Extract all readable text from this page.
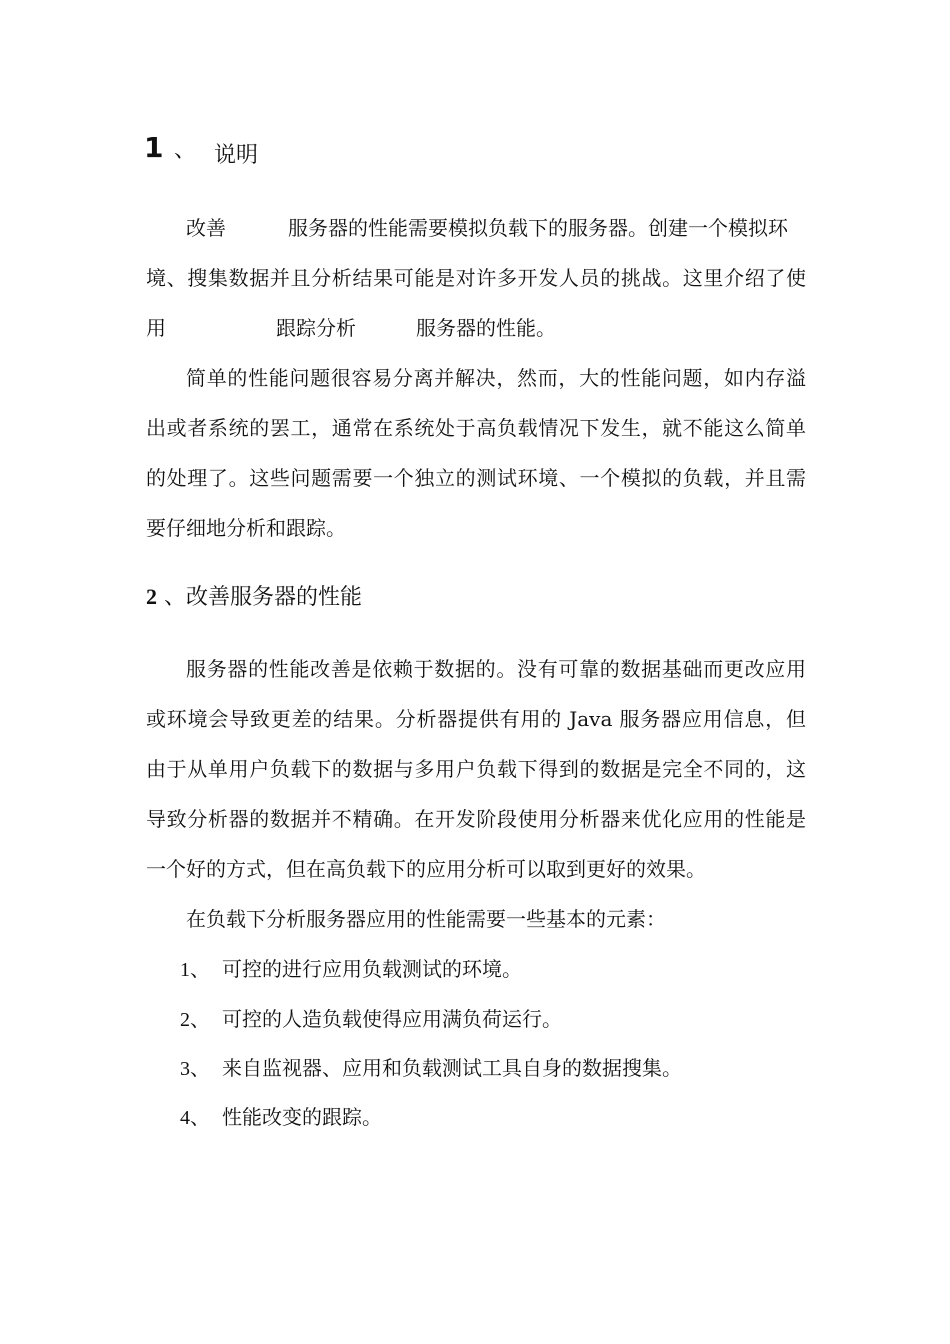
1 、 说明
改善	服务器的性能需要模拟负载下的服务器。创建一个模拟环
境、搜集数据并且分析结果可能是对许多开发人员的挑战。这里介绍了使
用	跟踪分析	服务器的性能。
简单的性能问题很容易分离并解决，然而，大的性能问题，如内存溢
出或者系统的罢工，通常在系统处于高负载情况下发生，就不能这么简单
的处理了。这些问题需要一个独立的测试环境、一个模拟的负载，并且需
要仔细地分析和跟踪。
2 、改善服务器的性能
服务器的性能改善是依赖于数据的。没有可靠的数据基础而更改应用
或环境会导致更差的结果。分析器提供有用的 Java 服务器应用信息，但
由于从单用户负载下的数据与多用户负载下得到的数据是完全不同的，这
导致分析器的数据并不精确。在开发阶段使用分析器来优化应用的性能是
一个好的方式，但在高负载下的应用分析可以取到更好的效果。
在负载下分析服务器应用的性能需要一些基本的元素：
1、 可控的进行应用负载测试的环境。
2、 可控的人造负载使得应用满负荷运行。
3、 来自监视器、应用和负载测试工具自身的数据搜集。
4、 性能改变的跟踪。
